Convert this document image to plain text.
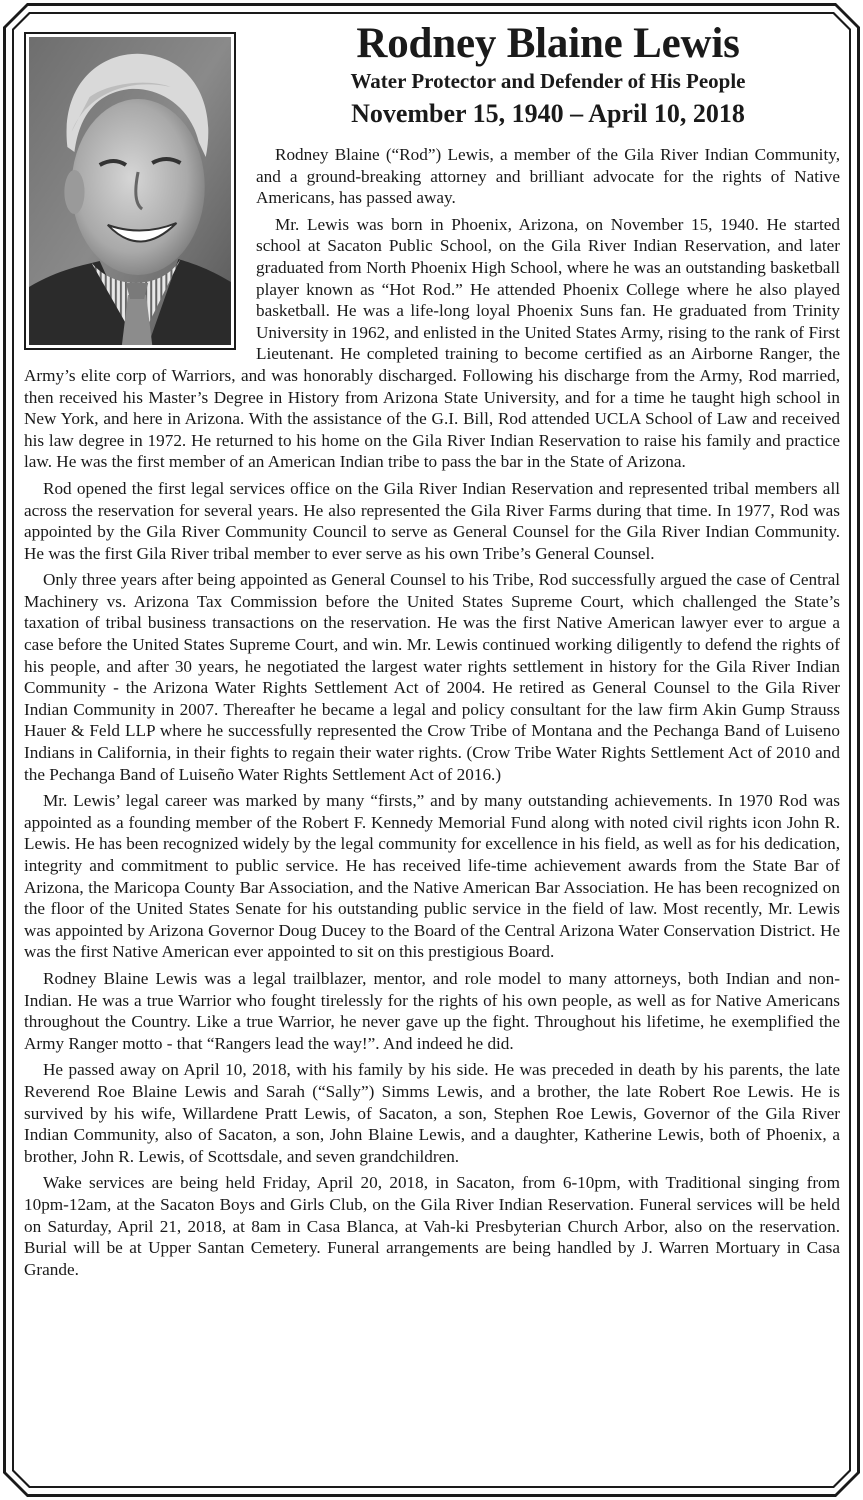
Rodney Blaine Lewis
Water Protector and Defender of His People
November 15, 1940 – April 10, 2018

Rodney Blaine (“Rod”) Lewis, a member of the Gila River Indian Community, and a ground-breaking attorney and brilliant advocate for the rights of Native Americans, has passed away.

Mr. Lewis was born in Phoenix, Arizona, on November 15, 1940. He started school at Sacaton Public School, on the Gila River Indian Reservation, and later graduated from North Phoenix High School, where he was an outstanding basketball player known as “Hot Rod.” He attended Phoenix College where he also played basketball. He was a life-long loyal Phoenix Suns fan. He graduated from Trinity University in 1962, and enlisted in the United States Army, rising to the rank of First Lieutenant. He completed training to become certified as an Airborne Ranger, the Army’s elite corp of Warriors, and was honorably discharged. Following his discharge from the Army, Rod married, then received his Master’s Degree in History from Arizona State University, and for a time he taught high school in New York, and here in Arizona. With the assistance of the G.I. Bill, Rod attended UCLA School of Law and received his law degree in 1972. He returned to his home on the Gila River Indian Reservation to raise his family and practice law. He was the first member of an American Indian tribe to pass the bar in the State of Arizona.

Rod opened the first legal services office on the Gila River Indian Reservation and represented tribal members all across the reservation for several years. He also represented the Gila River Farms during that time. In 1977, Rod was appointed by the Gila River Community Council to serve as General Counsel for the Gila River Indian Community. He was the first Gila River tribal member to ever serve as his own Tribe’s General Counsel.

Only three years after being appointed as General Counsel to his Tribe, Rod successfully argued the case of Central Machinery vs. Arizona Tax Commission before the United States Supreme Court, which challenged the State’s taxation of tribal business transactions on the reservation. He was the first Native American lawyer ever to argue a case before the United States Supreme Court, and win. Mr. Lewis continued working diligently to defend the rights of his people, and after 30 years, he negotiated the largest water rights settlement in history for the Gila River Indian Community - the Arizona Water Rights Settlement Act of 2004. He retired as General Counsel to the Gila River Indian Community in 2007. Thereafter he became a legal and policy consultant for the law firm Akin Gump Strauss Hauer & Feld LLP where he successfully represented the Crow Tribe of Montana and the Pechanga Band of Luiseno Indians in California, in their fights to regain their water rights. (Crow Tribe Water Rights Settlement Act of 2010 and the Pechanga Band of Luiseño Water Rights Settlement Act of 2016.)

Mr. Lewis’ legal career was marked by many “firsts,” and by many outstanding achievements. In 1970 Rod was appointed as a founding member of the Robert F. Kennedy Memorial Fund along with noted civil rights icon John R. Lewis. He has been recognized widely by the legal community for excellence in his field, as well as for his dedication, integrity and commitment to public service. He has received life-time achievement awards from the State Bar of Arizona, the Maricopa County Bar Association, and the Native American Bar Association. He has been recognized on the floor of the United States Senate for his outstanding public service in the field of law. Most recently, Mr. Lewis was appointed by Arizona Governor Doug Ducey to the Board of the Central Arizona Water Conservation District. He was the first Native American ever appointed to sit on this prestigious Board.

Rodney Blaine Lewis was a legal trailblazer, mentor, and role model to many attorneys, both Indian and non-Indian. He was a true Warrior who fought tirelessly for the rights of his own people, as well as for Native Americans throughout the Country. Like a true Warrior, he never gave up the fight. Throughout his lifetime, he exemplified the Army Ranger motto - that “Rangers lead the way!”. And indeed he did.

He passed away on April 10, 2018, with his family by his side. He was preceded in death by his parents, the late Reverend Roe Blaine Lewis and Sarah (“Sally”) Simms Lewis, and a brother, the late Robert Roe Lewis. He is survived by his wife, Willardene Pratt Lewis, of Sacaton, a son, Stephen Roe Lewis, Governor of the Gila River Indian Community, also of Sacaton, a son, John Blaine Lewis, and a daughter, Katherine Lewis, both of Phoenix, a brother, John R. Lewis, of Scottsdale, and seven grandchildren.

Wake services are being held Friday, April 20, 2018, in Sacaton, from 6-10pm, with Traditional singing from 10pm-12am, at the Sacaton Boys and Girls Club, on the Gila River Indian Reservation. Funeral services will be held on Saturday, April 21, 2018, at 8am in Casa Blanca, at Vah-ki Presbyterian Church Arbor, also on the reservation. Burial will be at Upper Santan Cemetery. Funeral arrangements are being handled by J. Warren Mortuary in Casa Grande.
